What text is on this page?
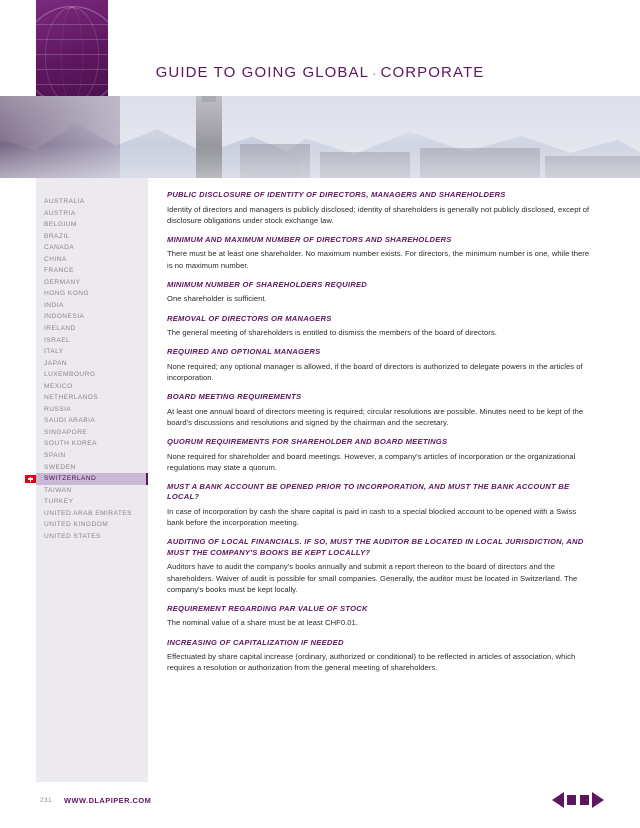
GUIDE TO GOING GLOBAL · CORPORATE
AUSTRALIA
AUSTRIA
BELGIUM
BRAZIL
CANADA
CHINA
FRANCE
GERMANY
HONG KONG
INDIA
INDONESIA
IRELAND
ISRAEL
ITALY
JAPAN
LUXEMBOURG
MEXICO
NETHERLANDS
RUSSIA
SAUDI ARABIA
SINGAPORE
SOUTH KOREA
SPAIN
SWEDEN
SWITZERLAND
TAIWAN
TURKEY
UNITED ARAB EMIRATES
UNITED KINGDOM
UNITED STATES
PUBLIC DISCLOSURE OF IDENTITY OF DIRECTORS, MANAGERS AND SHAREHOLDERS

Identity of directors and managers is publicly disclosed; identity of shareholders is generally not publicly disclosed, except of disclosure obligations under stock exchange law.

MINIMUM AND MAXIMUM NUMBER OF DIRECTORS AND SHAREHOLDERS

There must be at least one shareholder. No maximum number exists. For directors, the minimum number is one, while there is no maximum number.

MINIMUM NUMBER OF SHAREHOLDERS REQUIRED

One shareholder is sufficient.

REMOVAL OF DIRECTORS OR MANAGERS

The general meeting of shareholders is entitled to dismiss the members of the board of directors.

REQUIRED AND OPTIONAL MANAGERS

None required; any optional manager is allowed, if the board of directors is authorized to delegate powers in the articles of incorporation.

BOARD MEETING REQUIREMENTS

At least one annual board of directors meeting is required; circular resolutions are possible. Minutes need to be kept of the board's discussions and resolutions and signed by the chairman and the secretary.

QUORUM REQUIREMENTS FOR SHAREHOLDER AND BOARD MEETINGS

None required for shareholder and board meetings. However, a company's articles of incorporation or the organizational regulations may state a quorum.

MUST A BANK ACCOUNT BE OPENED PRIOR TO INCORPORATION, AND MUST THE BANK ACCOUNT BE LOCAL?

In case of incorporation by cash the share capital is paid in cash to a special blocked account to be opened with a Swiss bank before the incorporation meeting.

AUDITING OF LOCAL FINANCIALS. IF SO, MUST THE AUDITOR BE LOCATED IN LOCAL JURISDICTION, AND MUST THE COMPANY'S BOOKS BE KEPT LOCALLY?

Auditors have to audit the company's books annually and submit a report thereon to the board of directors and the shareholders. Waiver of audit is possible for small companies. Generally, the auditor must be located in Switzerland. The company's books must be kept locally.

REQUIREMENT REGARDING PAR VALUE OF STOCK

The nominal value of a share must be at least CHF0.01.

INCREASING OF CAPITALIZATION IF NEEDED

Effectuated by share capital increase (ordinary, authorized or conditional) to be reflected in articles of association, which requires a resolution or authorization from the general meeting of shareholders.

231 WWW.DLAPIPER.COM
